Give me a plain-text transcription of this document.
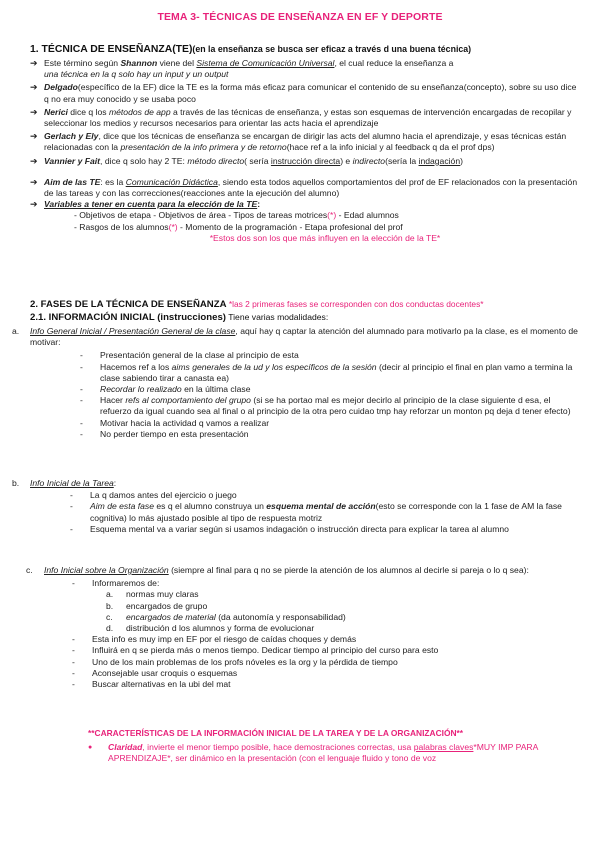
TEMA 3- TÉCNICAS DE ENSEÑANZA EN EF Y DEPORTE
1. TÉCNICA DE ENSEÑANZA(TE)(en la enseñanza se busca ser eficaz a través d una buena técnica)
➔ Este término según Shannon viene del Sistema de Comunicación Universal, el cual reduce la enseñanza a
una técnica en la q solo hay un input y un output
➔ Delgado(específico de la EF) dice la TE es la forma más eficaz para comunicar el contenido de su enseñanza(concepto), sobre su uso dice q no era muy conocido y se usaba poco
➔ Nerici dice q los métodos de app a través de las técnicas de enseñanza, y estas son esquemas de intervención encargadas de recopilar y seleccionar los medios y recursos necesarios para orientar las acts hacia el aprendizaje
➔ Gerlach y Ely, dice que los técnicas de enseñanza se encargan de dirigir las acts del alumno hacia el aprendizaje, y esas técnicas están relacionadas con la presentación de la info primera y de retorno(hace ref a la info inicial y al feedback q da el prof dps)
➔ Vannier y Fait, dice q solo hay 2 TE: método directo( sería instrucción directa) e indirecto(sería la indagación)
➔ Aim de las TE: es la Comunicación Didáctica, siendo esta todos aquellos comportamientos del prof de EF relacionados con la presentación de las tareas y con las correcciones(reacciones ante la ejecución del alumno)
➔ Variables a tener en cuenta para la elección de la TE:
- Objetivos de etapa - Objetivos de área - Tipos de tareas motrices(*) - Edad alumnos
- Rasgos de los alumnos(*) - Momento de la programación - Etapa profesional del prof
*Estos dos son los que más influyen en la elección de la TE*
2. FASES DE LA TÉCNICA DE ENSEÑANZA *las 2 primeras fases se corresponden con dos conductas docentes*
2.1. INFORMACIÓN INICIAL (instrucciones) Tiene varias modalidades:
a. Info General Inicial / Presentación General de la clase, aquí hay q captar la atención del alumnado para motivarlo pa la clase, es el momento de motivar:
- Presentación general de la clase al principio de esta
- Hacemos ref a los aims generales de la ud y los específicos de la sesión (decir al principio el final en plan vamo a termina la clase sabiendo tirar a canasta ea)
- Recordar lo realizado en la última clase
- Hacer refs al comportamiento del grupo (si se ha portao mal es mejor decirlo al principio de la clase siguiente d esa, el refuerzo da igual cuando sea al final o al principio de la otra pero cuidao tmp hay reforzar un monton pq deja d tener efecto)
- Motivar hacia la actividad q vamos a realizar
- No perder tiempo en esta presentación
b. Info Inicial de la Tarea:
- La q damos antes del ejercicio o juego
- Aim de esta fase es q el alumno construya un esquema mental de acción(esto se corresponde con la 1 fase de AM la fase cognitiva) lo más ajustado posible al tipo de respuesta motriz
- Esquema mental va a variar según si usamos indagación o instrucción directa para explicar la tarea al alumno
c. Info Inicial sobre la Organización (siempre al final para q no se pierde la atención de los alumnos al decirle si pareja o lo q sea):
- Informaremos de:
a. normas muy claras
b. encargados de grupo
c. encargados de material (da autonomía y responsabilidad)
d. distribución d los alumnos y forma de evolucionar
- Esta info es muy imp en EF por el riesgo de caídas choques y demás
- Influirá en q se pierda más o menos tiempo. Dedicar tiempo al principio del curso para esto
- Uno de los main problemas de los profs nóveles es la org y la pérdida de tiempo
- Aconsejable usar croquis o esquemas
- Buscar alternativas en la ubi del mat
**CARACTERÍSTICAS DE LA INFORMACIÓN INICIAL DE LA TAREA Y DE LA ORGANIZACIÓN**
● Claridad, invierte el menor tiempo posible, hace demostraciones correctas, usa palabras claves*MUY IMP PARA APRENDIZAJE*, ser dinámico en la presentación (con el lenguaje fluido y tono de voz
